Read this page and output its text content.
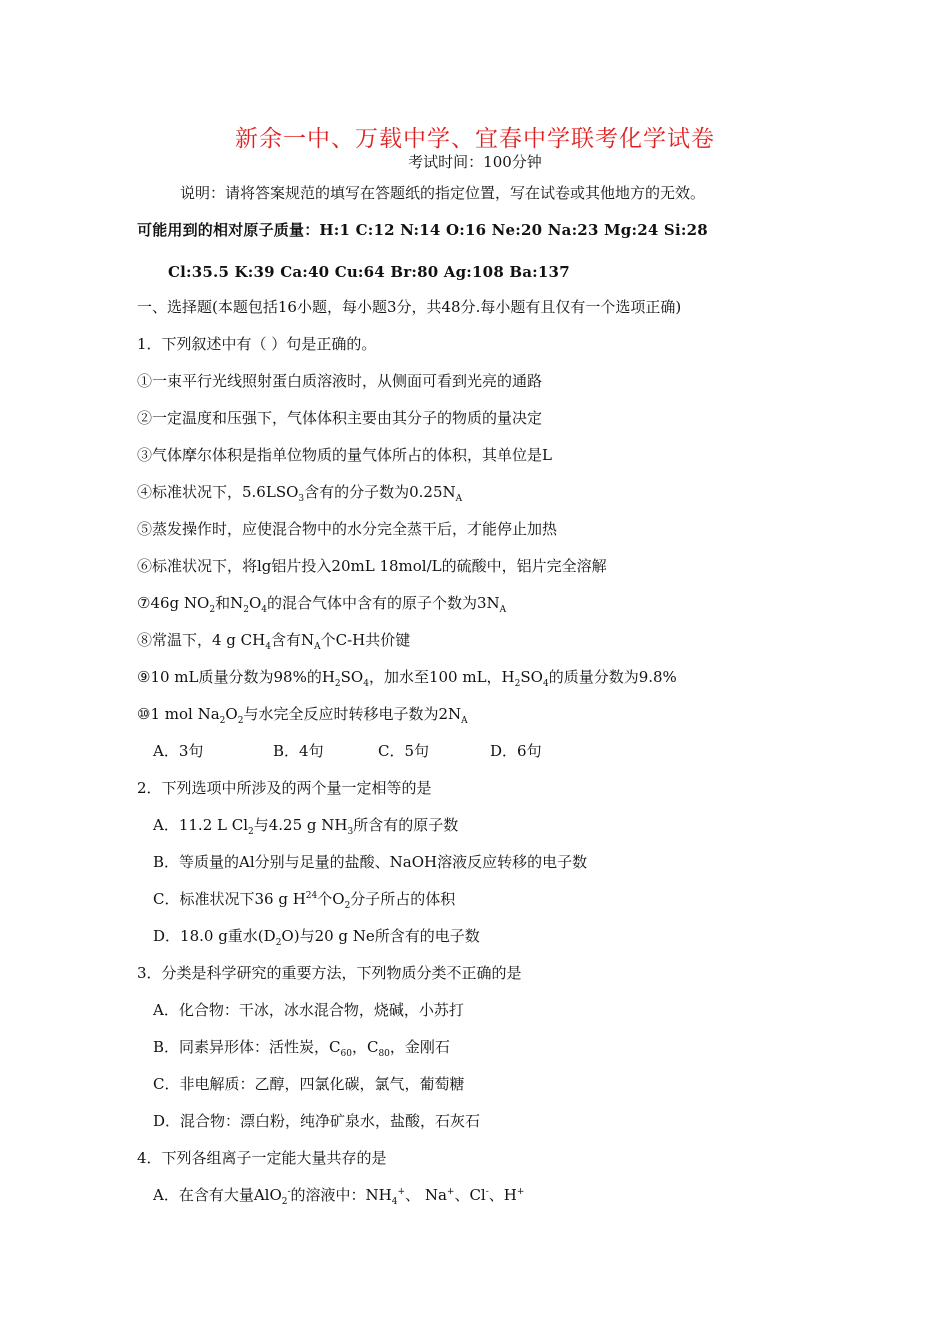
新余一中、万载中学、宜春中学联考化学试卷
考试时间：100分钟
说明：请将答案规范的填写在答题纸的指定位置，写在试卷或其他地方的无效。
可能用到的相对原子质量：H:1 C:12 N:14 O:16 Ne:20 Na:23 Mg:24 Si:28
Cl:35.5 K:39 Ca:40 Cu:64 Br:80 Ag:108 Ba:137
一、选择题(本题包括16小题，每小题3分，共48分.每小题有且仅有一个选项正确)
1．下列叙述中有（ ）句是正确的。
①一束平行光线照射蛋白质溶液时，从侧面可看到光亮的通路
②一定温度和压强下，气体体积主要由其分子的物质的量决定
③气体摩尔体积是指单位物质的量气体所占的体积，其单位是L
④标准状况下，$5.6LSO_3$含有的分子数为$0.25N_A$
⑤蒸发操作时，应使混合物中的水分完全蒸干后，才能停止加热
⑥标准状况下，将lg铝片投入20mL 18mol/L的硫酸中，铝片完全溶解
⑦46g $NO_2$和$N_2O_4$的混合气体中含有的原子个数为$3N_A$
⑧常温下，4 g $CH_4$含有$N_A$个C-H共价键
⑨10 mL质量分数为98%的$H_2SO_4$，加水至100 mL，$H_2SO_4$的质量分数为9.8%
⑩1 mol $Na_2O_2$与水完全反应时转移电子数为$2N_A$
A．3句	B．4句	C．5句	D．6句
2．下列选项中所涉及的两个量一定相等的是
A．11.2 L $Cl_2$与4.25 g $NH_3$所含有的原子数
B．等质量的Al分别与足量的盐酸、NaOH溶液反应转移的电子数
C．标准状况下36 g $H^{24}$个$O_2$分子所占的体积
D．18.0 g重水$(D_2O)$与20 g Ne所含有的电子数
3．分类是科学研究的重要方法，下列物质分类不正确的是
A．化合物：干冰，冰水混合物，烧碱，小苏打
B．同素异形体：活性炭，$C_{60}$，$C_{80}$，金刚石
C．非电解质：乙醇，四氯化碳，氯气，葡萄糖
D．混合物：漂白粉，纯净矿泉水，盐酸，石灰石
4．下列各组离子一定能大量共存的是
A．在含有大量AlO$_2$-的溶液中：$NH_4^+$、 Na+、Cl-、H+
